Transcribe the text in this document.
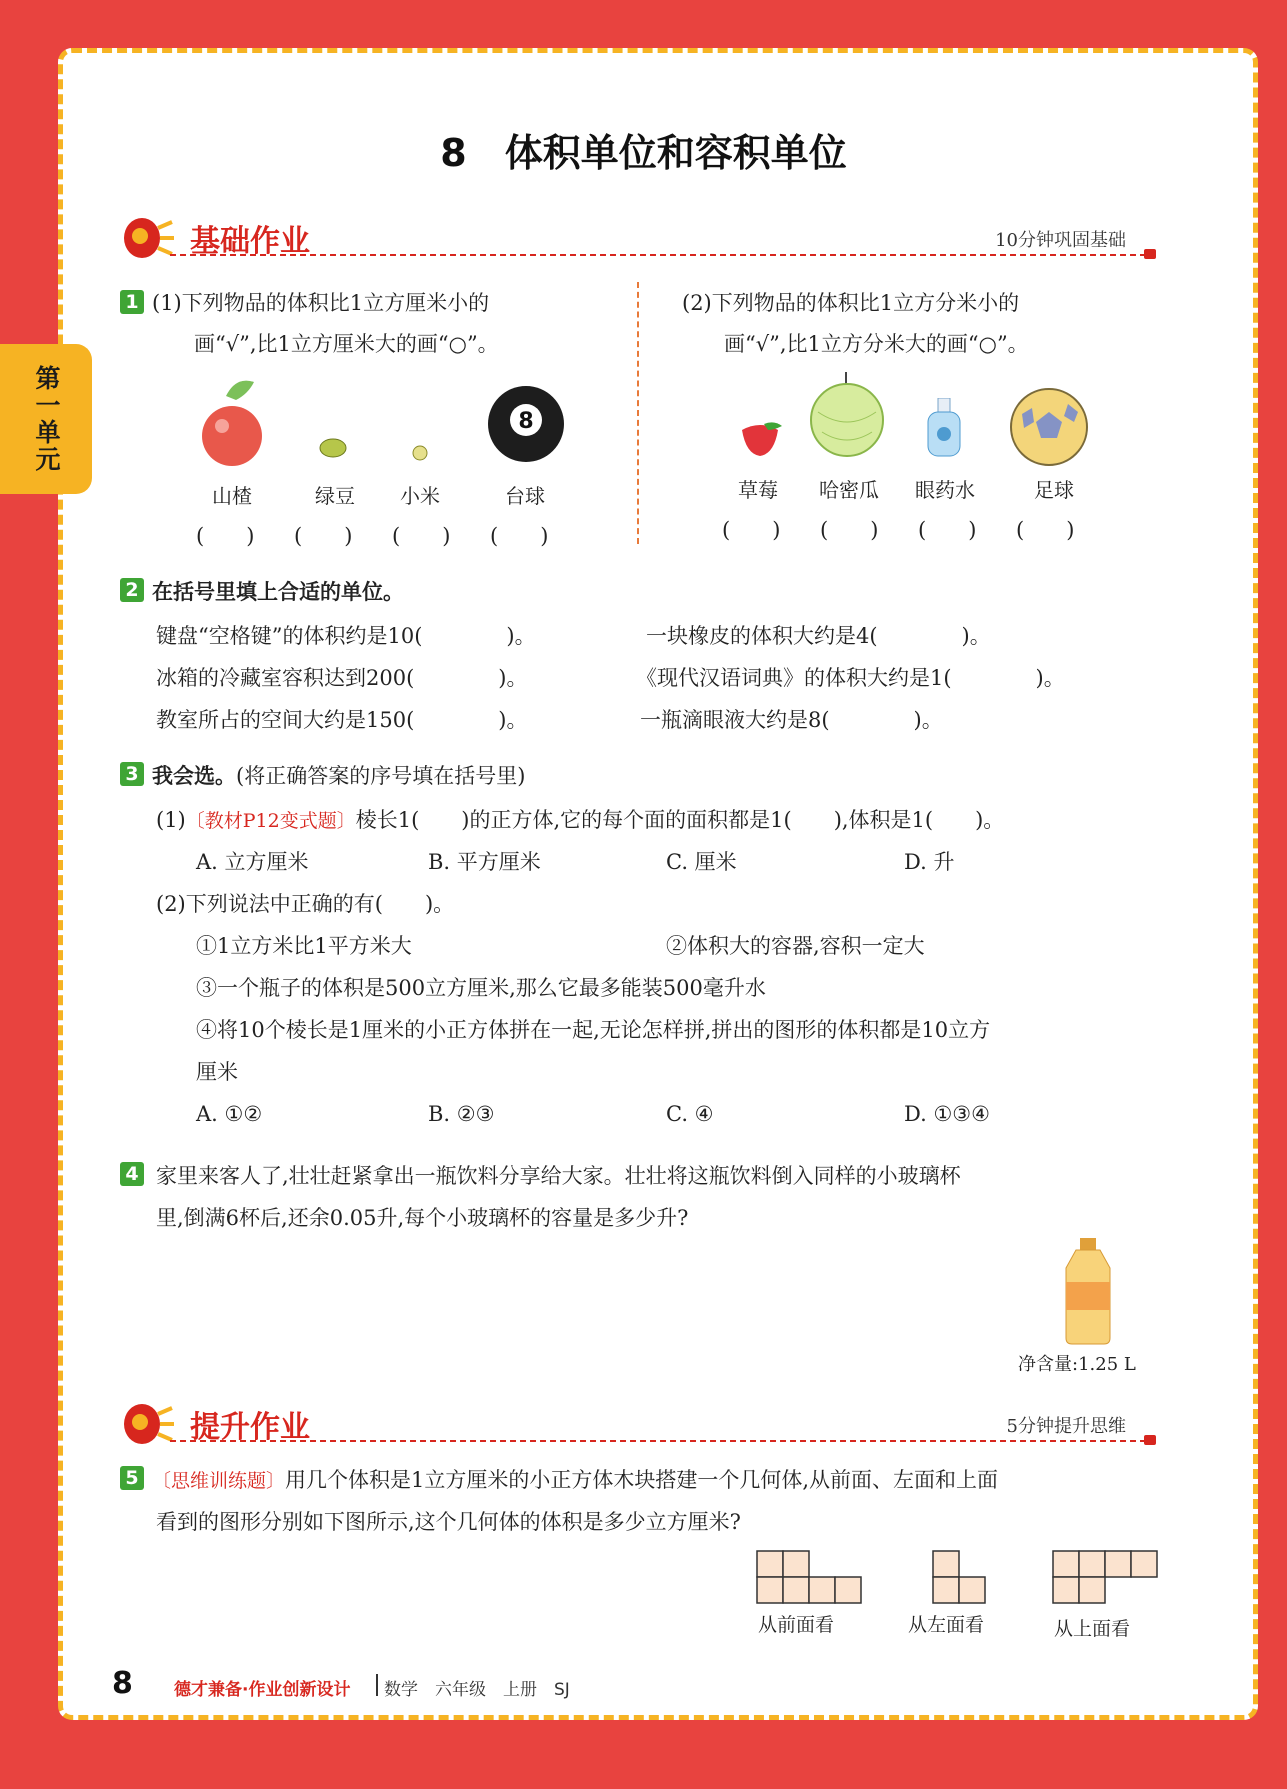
第一单元
8　体积单位和容积单位
基础作业	10分钟巩固基础
1 (1)下列物品的体积比1立方厘米小的
画“√”,比1立方厘米大的画“○”。
8
山楂	绿豆	小米	台球
(　　) (　　) (　　) (　　)
(2)下列物品的体积比1立方分米小的
画“√”,比1立方分米大的画“○”。
草莓	哈密瓜	眼药水	足球
(　　) (　　) (　　) (　　)
2 在括号里填上合适的单位。
键盘“空格键”的体积约是10(　　　　)。	一块橡皮的体积大约是4(　　　　)。
冰箱的冷藏室容积达到200(　　　　)。	《现代汉语词典》的体积大约是1(　　　　)。
教室所占的空间大约是150(　　　　)。	一瓶滴眼液大约是8(　　　　)。
3 我会选。(将正确答案的序号填在括号里)
(1)〔教材P12变式题〕棱长1(　　)的正方体,它的每个面的面积都是1(　　),体积是1(　　)。
A. 立方厘米	B. 平方厘米	C. 厘米	D. 升
(2)下列说法中正确的有(　　)。
①1立方米比1平方米大	②体积大的容器,容积一定大
③一个瓶子的体积是500立方厘米,那么它最多能装500毫升水
④将10个棱长是1厘米的小正方体拼在一起,无论怎样拼,拼出的图形的体积都是10立方
厘米
A. ①②	B. ②③	C. ④	D. ①③④
4 家里来客人了,壮壮赶紧拿出一瓶饮料分享给大家。壮壮将这瓶饮料倒入同样的小玻璃杯
里,倒满6杯后,还余0.05升,每个小玻璃杯的容量是多少升?
净含量:1.25 L
提升作业	5分钟提升思维
5 〔思维训练题〕用几个体积是1立方厘米的小正方体木块搭建一个几何体,从前面、左面和上面
看到的图形分别如下图所示,这个几何体的体积是多少立方厘米?
从前面看	从左面看	从上面看
8 德才兼备·作业创新设计 数学　六年级　上册　SJ
